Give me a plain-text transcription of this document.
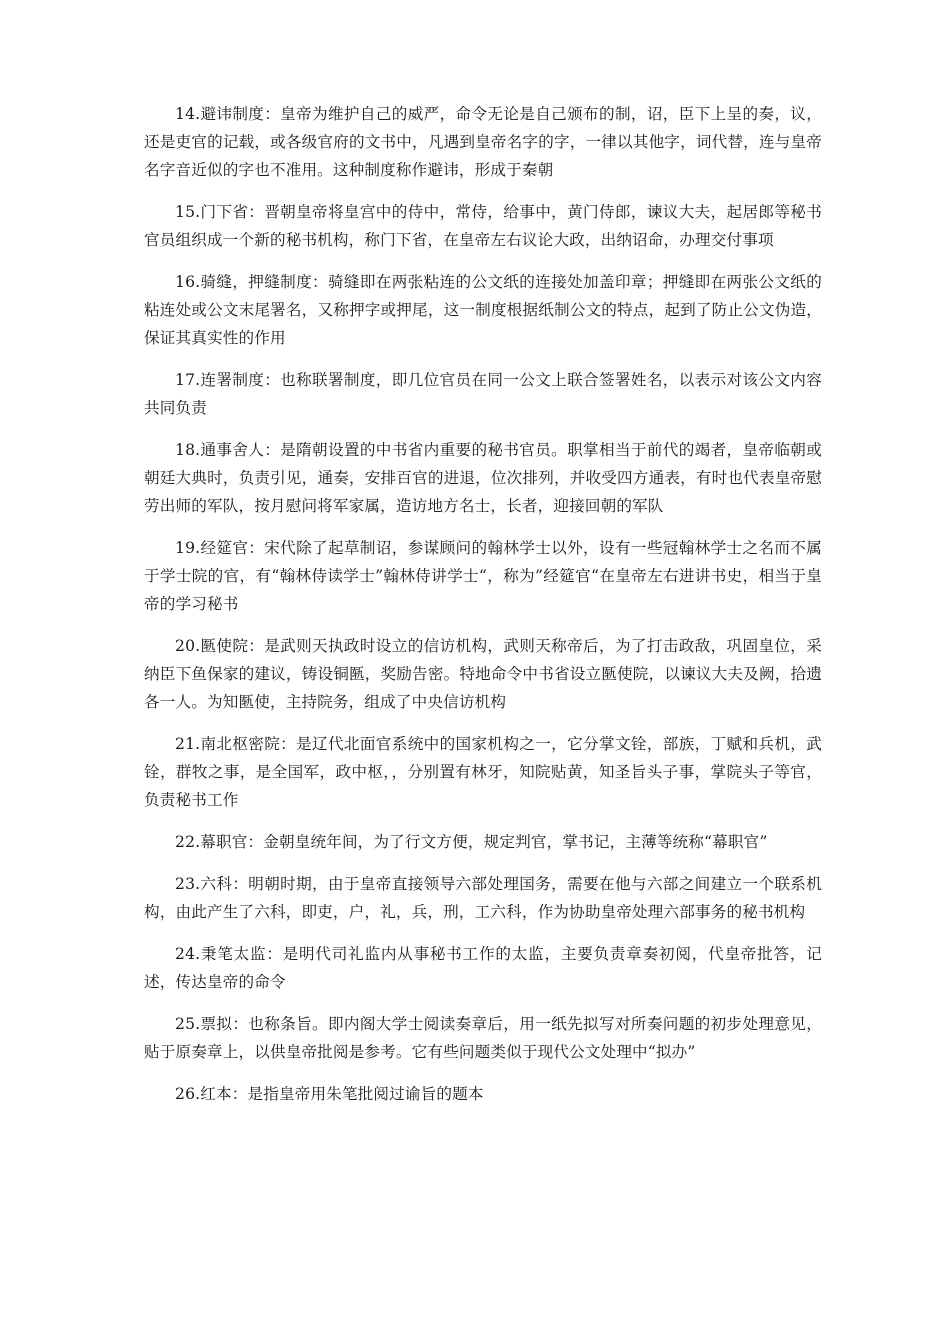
14.避讳制度：皇帝为维护自己的威严，命令无论是自己颁布的制，诏，臣下上呈的奏，议，还是吏官的记载，或各级官府的文书中，凡遇到皇帝名字的字，一律以其他字，词代替，连与皇帝名字音近似的字也不准用。这种制度称作避讳，形成于秦朝

15.门下省：晋朝皇帝将皇宫中的侍中，常侍，给事中，黄门侍郎，谏议大夫，起居郎等秘书官员组织成一个新的秘书机构，称门下省，在皇帝左右议论大政，出纳诏命，办理交付事项

16.骑缝，押缝制度：骑缝即在两张粘连的公文纸的连接处加盖印章；押缝即在两张公文纸的粘连处或公文末尾署名，又称押字或押尾，这一制度根据纸制公文的特点，起到了防止公文伪造，保证其真实性的作用

17.连署制度：也称联署制度，即几位官员在同一公文上联合签署姓名，以表示对该公文内容共同负责

18.通事舍人：是隋朝设置的中书省内重要的秘书官员。职掌相当于前代的竭者，皇帝临朝或朝廷大典时，负责引见，通奏，安排百官的进退，位次排列，并收受四方通表，有时也代表皇帝慰劳出师的军队，按月慰问将军家属，造访地方名士，长者，迎接回朝的军队

19.经筵官：宋代除了起草制诏，参谋顾问的翰林学士以外，设有一些冠翰林学士之名而不属于学士院的官，有“翰林侍读学士”翰林侍讲学士“，称为”经筵官“在皇帝左右进讲书史，相当于皇帝的学习秘书

20.匦使院：是武则天执政时设立的信访机构，武则天称帝后，为了打击政敌，巩固皇位，采纳臣下鱼保家的建议，铸设铜匦，奖励告密。特地命令中书省设立匦使院，以谏议大夫及阙，拾遗各一人。为知匦使，主持院务，组成了中央信访机构

21.南北枢密院：是辽代北面官系统中的国家机构之一，它分掌文铨，部族，丁赋和兵机，武铨，群牧之事，是全国军，政中枢，，分别置有林牙，知院贴黄，知圣旨头子事，掌院头子等官，负责秘书工作

22.幕职官：金朝皇统年间，为了行文方便，规定判官，掌书记，主薄等统称“幕职官”

23.六科：明朝时期，由于皇帝直接领导六部处理国务，需要在他与六部之间建立一个联系机构，由此产生了六科，即吏，户，礼，兵，刑，工六科，作为协助皇帝处理六部事务的秘书机构

24.秉笔太监：是明代司礼监内从事秘书工作的太监，主要负责章奏初阅，代皇帝批答，记述，传达皇帝的命令

25.票拟：也称条旨。即内阁大学士阅读奏章后，用一纸先拟写对所奏问题的初步处理意见，贴于原奏章上，以供皇帝批阅是参考。它有些问题类似于现代公文处理中“拟办”

26.红本：是指皇帝用朱笔批阅过谕旨的题本
